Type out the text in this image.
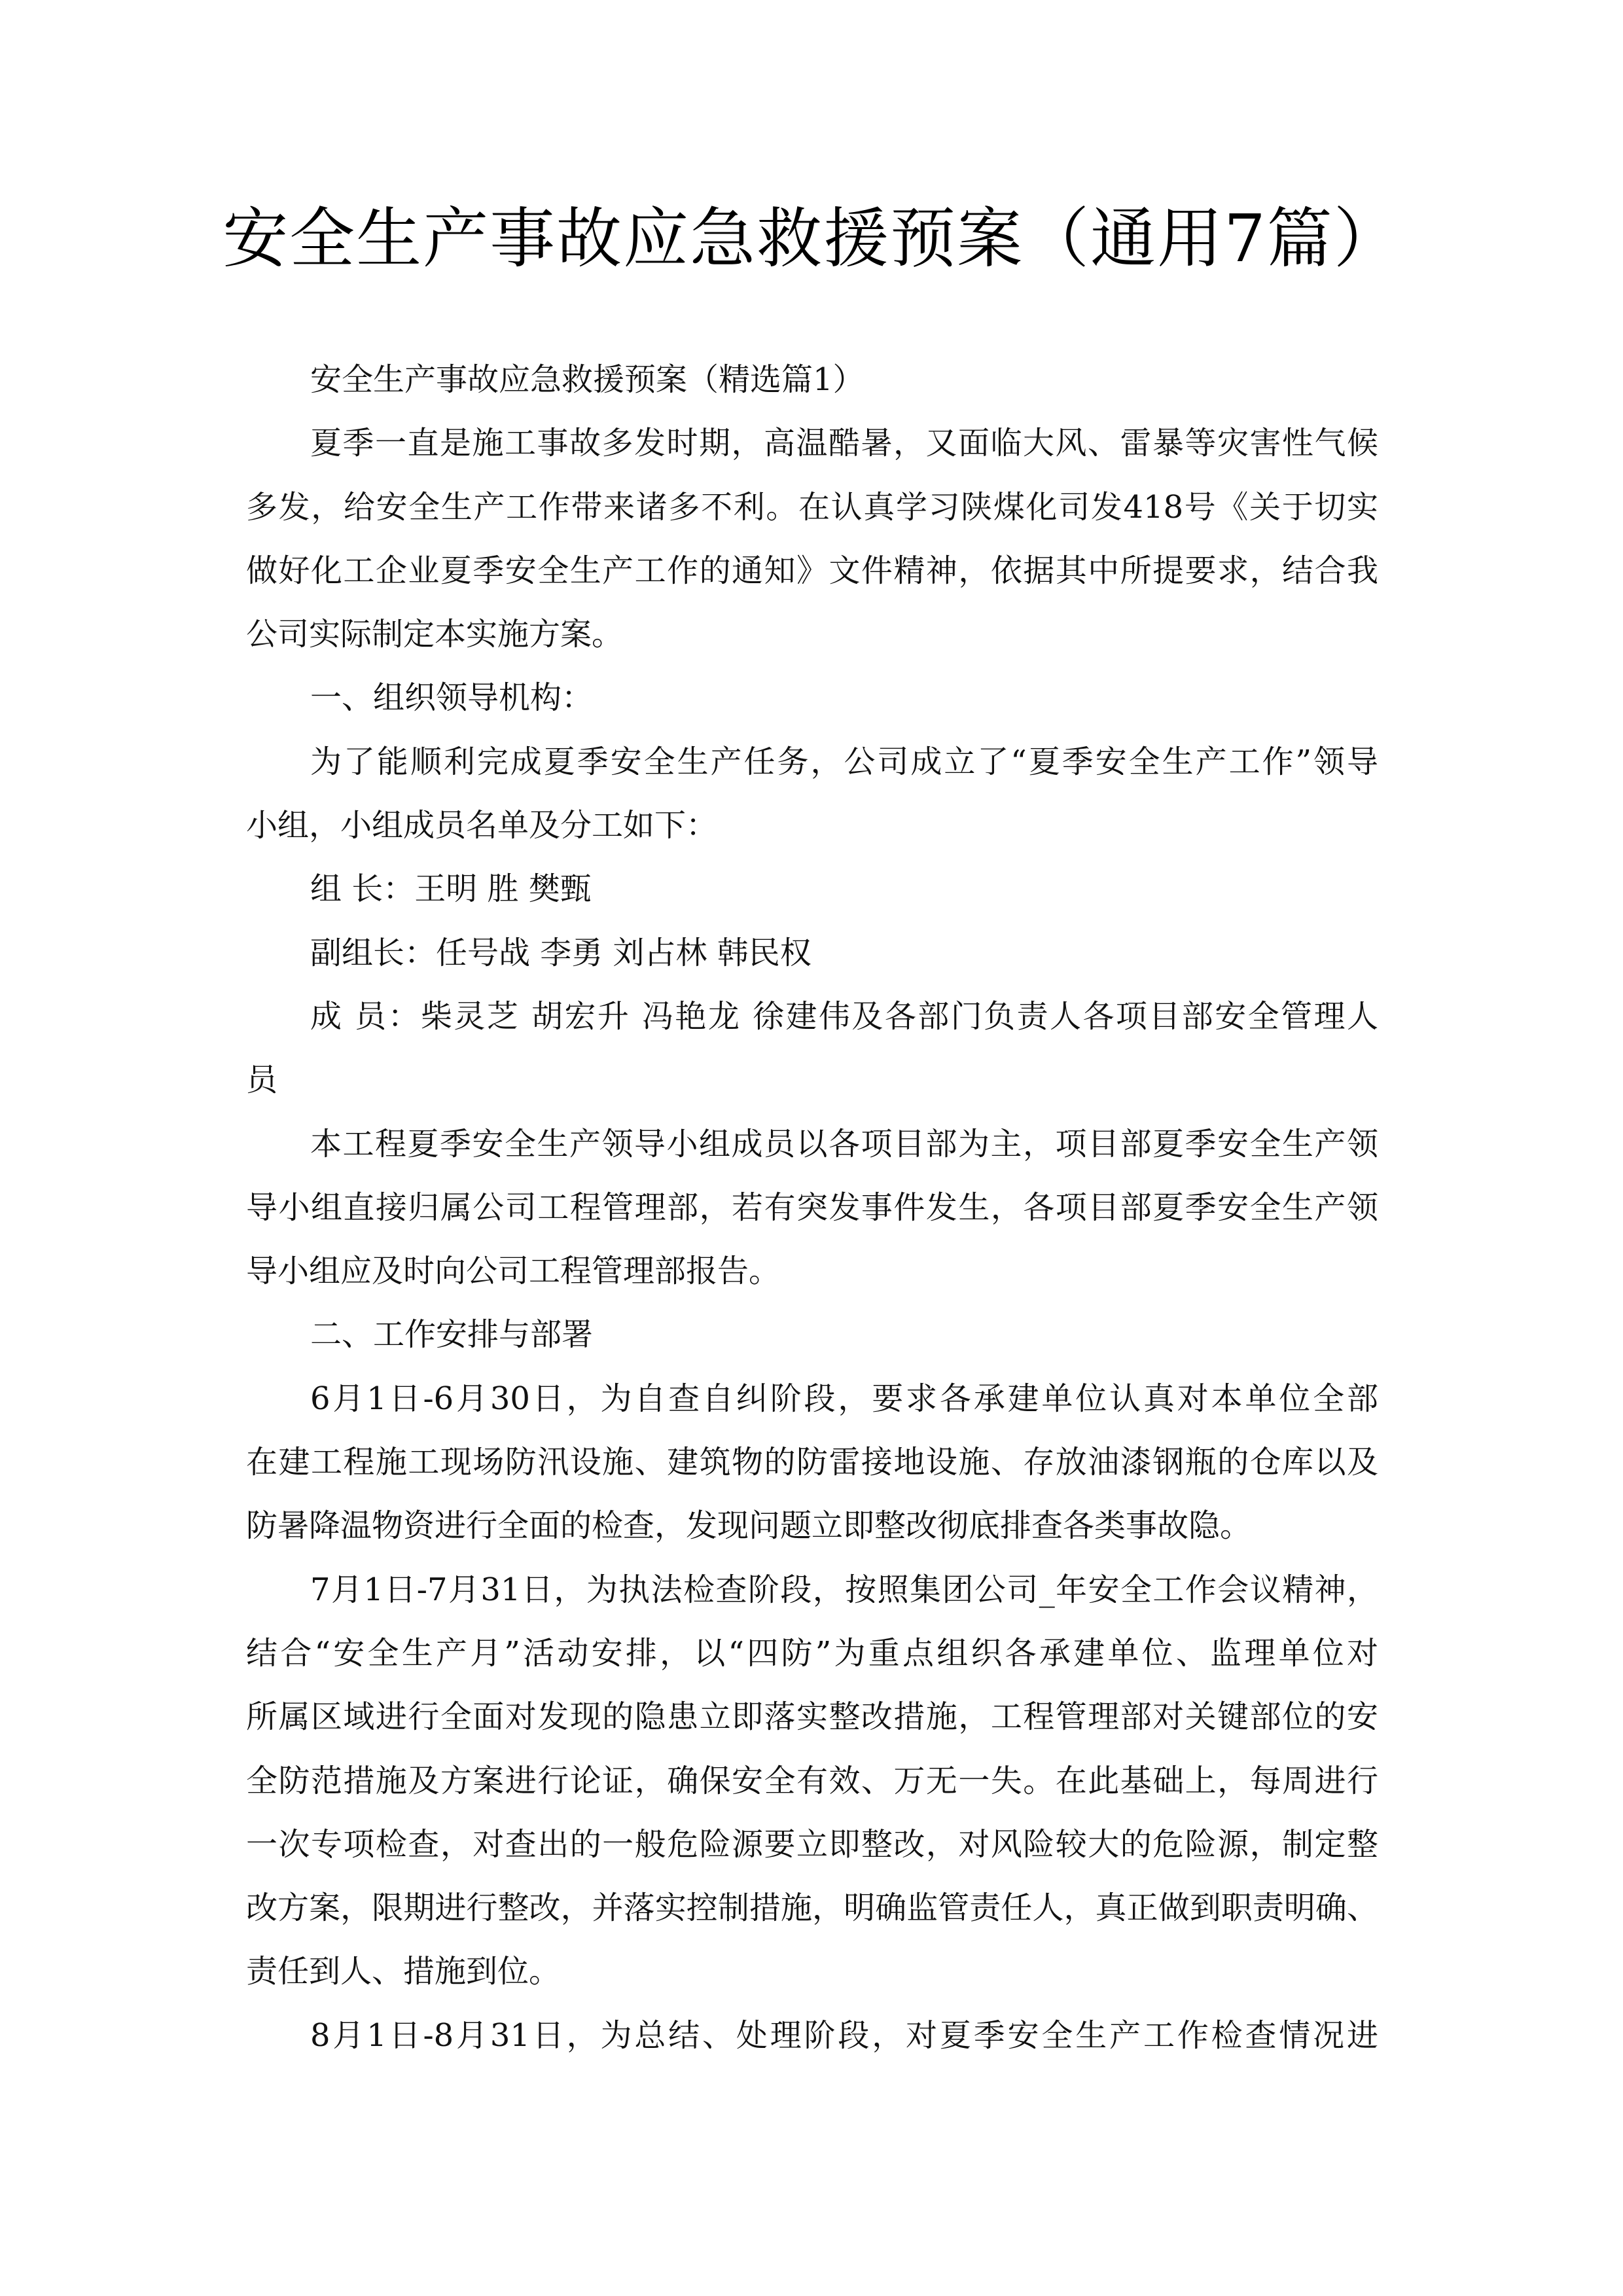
安全生产事故应急救援预案（通用7篇）
安全生产事故应急救援预案（精选篇1）
夏季一直是施工事故多发时期，高温酷暑，又面临大风、雷暴等灾害性气候
多发，给安全生产工作带来诸多不利。在认真学习陕煤化司发418号《关于切实
做好化工企业夏季安全生产工作的通知》文件精神，依据其中所提要求，结合我
公司实际制定本实施方案。
一、组织领导机构：
为了能顺利完成夏季安全生产任务，公司成立了“夏季安全生产工作”领导
小组，小组成员名单及分工如下：
组 长：王明 胜 樊甄
副组长：任号战 李勇 刘占林 韩民权
成 员：柴灵芝 胡宏升 冯艳龙 徐建伟及各部门负责人各项目部安全管理人
员
本工程夏季安全生产领导小组成员以各项目部为主，项目部夏季安全生产领
导小组直接归属公司工程管理部，若有突发事件发生，各项目部夏季安全生产领
导小组应及时向公司工程管理部报告。
二、工作安排与部署
6月1日-6月30日，为自查自纠阶段，要求各承建单位认真对本单位全部
在建工程施工现场防汛设施、建筑物的防雷接地设施、存放油漆钢瓶的仓库以及
防暑降温物资进行全面的检查，发现问题立即整改彻底排查各类事故隐。
7月1日-7月31日，为执法检查阶段，按照集团公司_年安全工作会议精神，
结合“安全生产月”活动安排，以“四防”为重点组织各承建单位、监理单位对
所属区域进行全面对发现的隐患立即落实整改措施，工程管理部对关键部位的安
全防范措施及方案进行论证，确保安全有效、万无一失。在此基础上，每周进行
一次专项检查，对查出的一般危险源要立即整改，对风险较大的危险源，制定整
改方案，限期进行整改，并落实控制措施，明确监管责任人，真正做到职责明确、
责任到人、措施到位。
8月1日-8月31日，为总结、处理阶段，对夏季安全生产工作检查情况进
